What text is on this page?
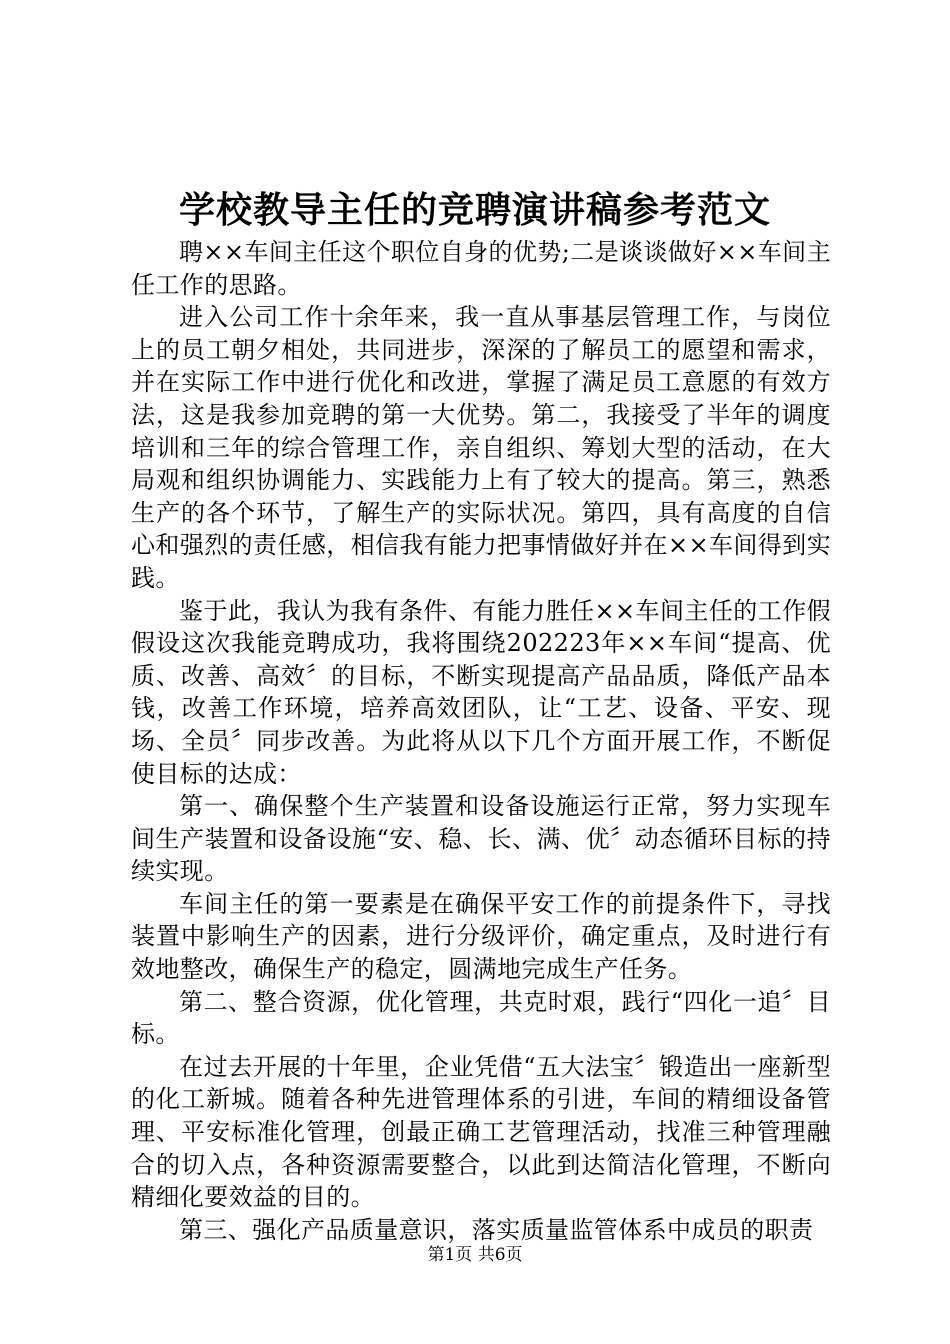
学校教导主任的竞聘演讲稿参考范文

聘××车间主任这个职位自身的优势;二是谈谈做好××车间主任工作的思路。

进入公司工作十余年来，我一直从事基层管理工作，与岗位上的员工朝夕相处，共同进步，深深的了解员工的愿望和需求，并在实际工作中进行优化和改进，掌握了满足员工意愿的有效方法，这是我参加竞聘的第一大优势。第二，我接受了半年的调度培训和三年的综合管理工作，亲自组织、筹划大型的活动，在大局观和组织协调能力、实践能力上有了较大的提高。第三，熟悉生产的各个环节，了解生产的实际状况。第四，具有高度的自信心和强烈的责任感，相信我有能力把事情做好并在××车间得到实践。

鉴于此，我认为我有条件、有能力胜任××车间主任的工作假假设这次我能竞聘成功，我将围绕202223年××车间“提高、优质、改善、高效〞的目标，不断实现提高产品品质，降低产品本钱，改善工作环境，培养高效团队，让“工艺、设备、平安、现场、全员〞同步改善。为此将从以下几个方面开展工作，不断促使目标的达成：

第一、确保整个生产装置和设备设施运行正常，努力实现车间生产装置和设备设施“安、稳、长、满、优〞动态循环目标的持续实现。

车间主任的第一要素是在确保平安工作的前提条件下，寻找装置中影响生产的因素，进行分级评价，确定重点，及时进行有效地整改，确保生产的稳定，圆满地完成生产任务。

第二、整合资源，优化管理，共克时艰，践行“四化一追〞目标。

在过去开展的十年里，企业凭借“五大法宝〞锻造出一座新型的化工新城。随着各种先进管理体系的引进，车间的精细设备管理、平安标准化管理，创最正确工艺管理活动，找准三种管理融合的切入点，各种资源需要整合，以此到达简洁化管理，不断向精细化要效益的目的。

第三、强化产品质量意识，落实质量监管体系中成员的职责

第1页 共6页
